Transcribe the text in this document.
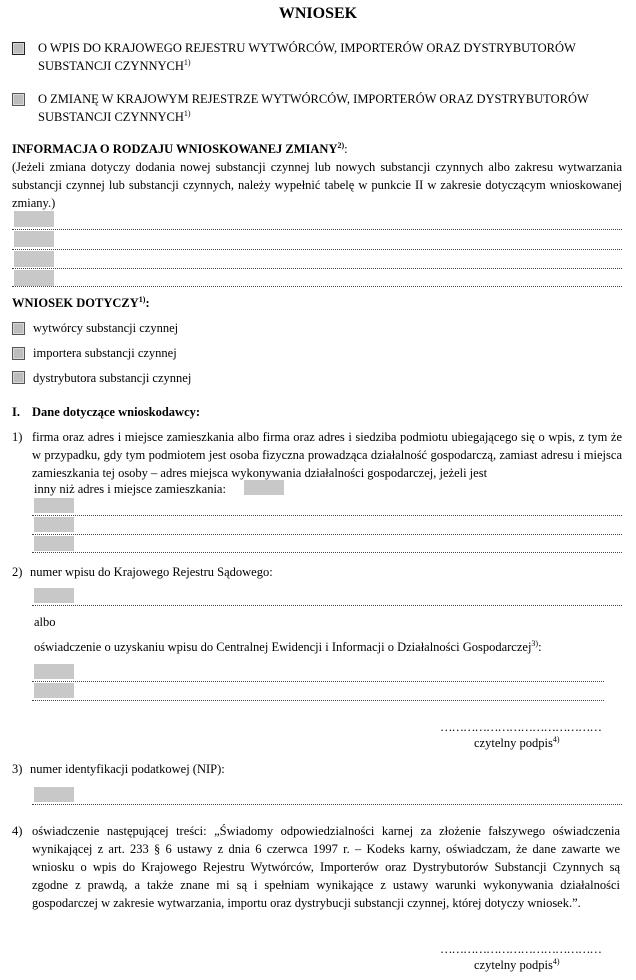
WNIOSEK
O WPIS DO KRAJOWEGO REJESTRU WYTWÓRCÓW, IMPORTERÓW ORAZ DYSTRYBUTORÓW
SUBSTANCJI CZYNNYCH$^{1)}$
O ZMIANĘ W KRAJOWYM REJESTRZE WYTWÓRCÓW, IMPORTERÓW ORAZ DYSTRYBUTORÓW
SUBSTANCJI CZYNNYCH$^{1)}$
INFORMACJA O RODZAJU WNIOSKOWANEJ ZMIANY$^{2)}$:
(Jeżeli zmiana dotyczy dodania nowej substancji czynnej lub nowych substancji czynnych albo zakresu wytwarzania substancji czynnej lub substancji czynnych, należy wypełnić tabelę w punkcie II w zakresie dotyczącym wnioskowanej zmiany.)
WNIOSEK DOTYCZY$^{1)}$:
wytwórcy substancji czynnej
importera substancji czynnej
dystrybutora substancji czynnej
I. Dane dotyczące wnioskodawcy:
1) firma oraz adres i miejsce zamieszkania albo firma oraz adres i siedziba podmiotu ubiegającego się o wpis, z tym że w przypadku, gdy tym podmiotem jest osoba fizyczna prowadząca działalność gospodarczą, zamiast adresu i miejsca zamieszkania tej osoby – adres miejsca wykonywania działalności gospodarczej, jeżeli jest
inny niż adres i miejsce zamieszkania:
2) numer wpisu do Krajowego Rejestru Sądowego:
albo
oświadczenie o uzyskaniu wpisu do Centralnej Ewidencji i Informacji o Działalności Gospodarczej$^{3)}$:
……………………………………
czytelny podpis$^{4)}$
3) numer identyfikacji podatkowej (NIP):
4) oświadczenie następującej treści: „Świadomy odpowiedzialności karnej za złożenie fałszywego oświadczenia wynikającej z art. 233 § 6 ustawy z dnia 6 czerwca 1997 r. – Kodeks karny, oświadczam, że dane zawarte we wniosku o wpis do Krajowego Rejestru Wytwórców, Importerów oraz Dystrybutorów Substancji Czynnych są zgodne z prawdą, a także znane mi są i spełniam wynikające z ustawy warunki wykonywania działalności gospodarczej w zakresie wytwarzania, importu oraz dystrybucji substancji czynnej, której dotyczy wniosek.”.
……………………………………
czytelny podpis$^{4)}$
